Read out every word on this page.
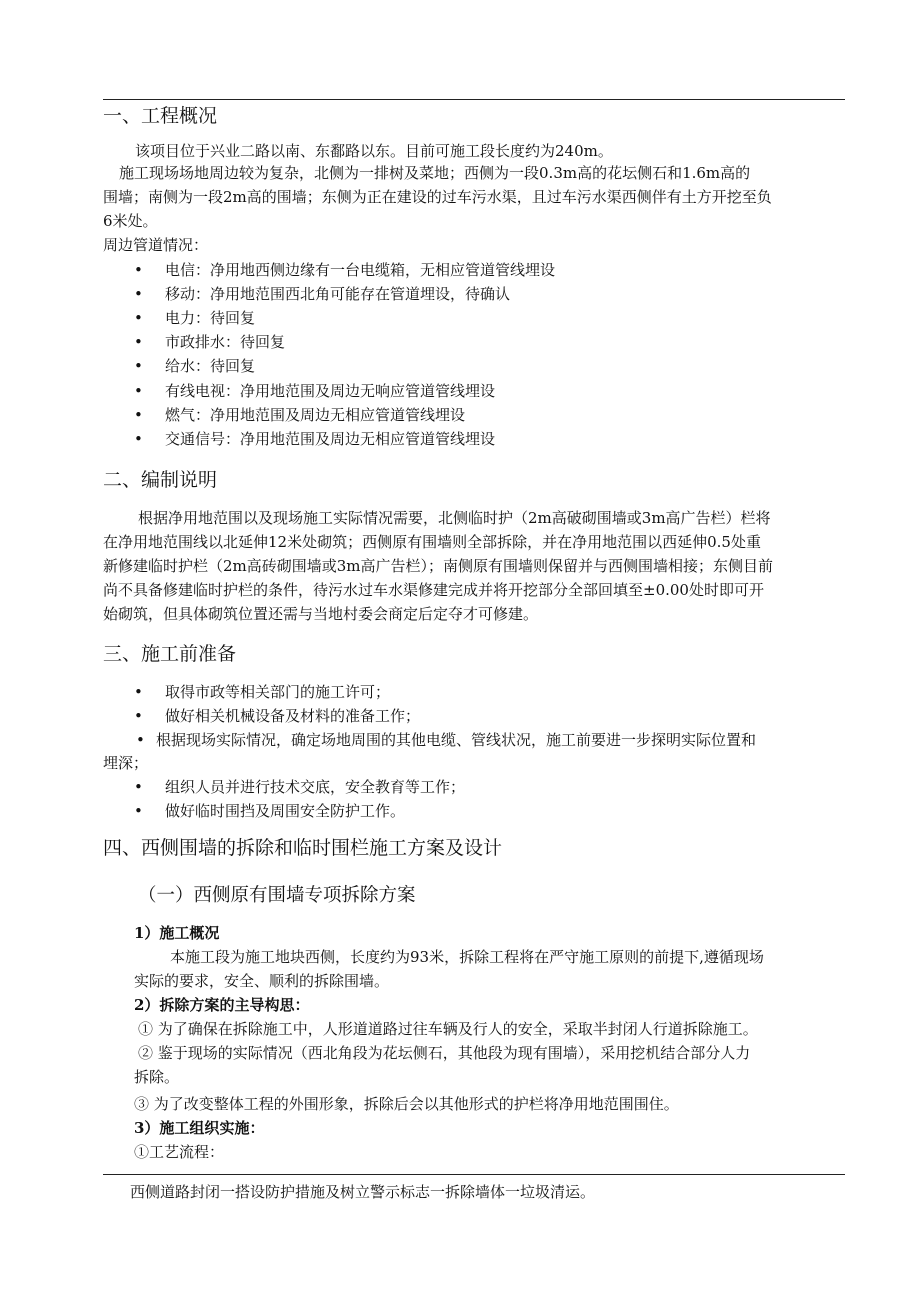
一、工程概况
该项目位于兴业二路以南、东鄱路以东。目前可施工段长度约为240m。
施工现场场地周边较为复杂，北侧为一排树及菜地；西侧为一段0.3m高的花坛侧石和1.6m高的
围墙；南侧为一段2m高的围墙；东侧为正在建设的过车污水渠，且过车污水渠西侧伴有土方开挖至负
6米处。
周边管道情况：
• 电信：净用地西侧边缘有一台电缆箱，无相应管道管线埋设
• 移动：净用地范围西北角可能存在管道埋设，待确认
• 电力：待回复
• 市政排水：待回复
• 给水：待回复
• 有线电视：净用地范围及周边无响应管道管线埋设
• 燃气：净用地范围及周边无相应管道管线埋设
• 交通信号：净用地范围及周边无相应管道管线埋设
二、编制说明
根据净用地范围以及现场施工实际情况需要，北侧临时护（2m高破砌围墙或3m高广告栏）栏将
在净用地范围线以北延伸12米处砌筑；西侧原有围墙则全部拆除，并在净用地范围以西延伸0.5处重
新修建临时护栏（2m高砖砌围墙或3m高广告栏）；南侧原有围墙则保留并与西侧围墙相接；东侧目前
尚不具备修建临时护栏的条件，待污水过车水渠修建完成并将开挖部分全部回填至±0.00处时即可开
始砌筑，但具体砌筑位置还需与当地村委会商定后定夺才可修建。
三、施工前准备
• 取得市政等相关部门的施工许可；
• 做好相关机械设备及材料的准备工作；
• 根据现场实际情况，确定场地周围的其他电缆、管线状况，施工前要进一步探明实际位置和
埋深；
• 组织人员并进行技术交底，安全教育等工作；
• 做好临时围挡及周围安全防护工作。
四、西侧围墙的拆除和临时围栏施工方案及设计
（一）西侧原有围墙专项拆除方案
1）施工概况
本施工段为施工地块西侧，长度约为93米，拆除工程将在严守施工原则的前提下,遵循现场
实际的要求，安全、顺利的拆除围墙。
2）拆除方案的主导构思：
① 为了确保在拆除施工中，人形道道路过往车辆及行人的安全，采取半封闭人行道拆除施工。
② 鉴于现场的实际情况（西北角段为花坛侧石，其他段为现有围墙），采用挖机结合部分人力
拆除。
③ 为了改变整体工程的外围形象，拆除后会以其他形式的护栏将净用地范围围住。
3）施工组织实施：
①工艺流程：
西侧道路封闭一搭设防护措施及树立警示标志一拆除墙体一垃圾清运。
